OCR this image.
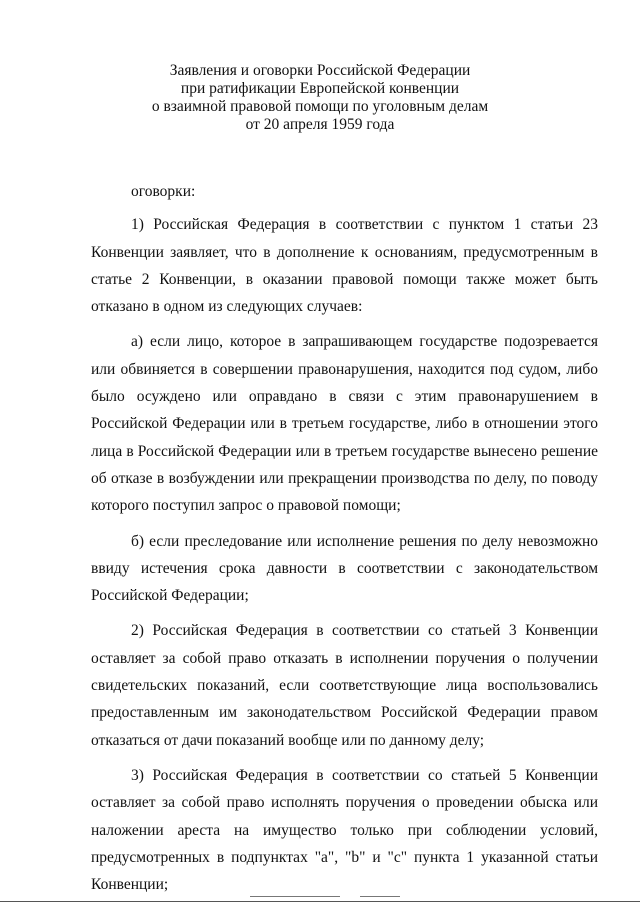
Заявления и оговорки Российской Федерации
при ратификации Европейской конвенции
о взаимной правовой помощи по уголовным делам
от 20 апреля 1959 года

оговорки:

1) Российская Федерация в соответствии с пунктом 1 статьи 23 Конвенции заявляет, что в дополнение к основаниям, предусмотренным в статье 2 Конвенции, в оказании правовой помощи также может быть отказано в одном из следующих случаев:

а) если лицо, которое в запрашивающем государстве подозревается или обвиняется в совершении правонарушения, находится под судом, либо было осуждено или оправдано в связи с этим правонарушением в Российской Федерации или в третьем государстве, либо в отношении этого лица в Российской Федерации или в третьем государстве вынесено решение об отказе в возбуждении или прекращении производства по делу, по поводу которого поступил запрос о правовой помощи;

б) если преследование или исполнение решения по делу невозможно ввиду истечения срока давности в соответствии с законодательством Российской Федерации;

2) Российская Федерация в соответствии со статьей 3 Конвенции оставляет за собой право отказать в исполнении поручения о получении свидетельских показаний, если соответствующие лица воспользовались предоставленным им законодательством Российской Федерации правом отказаться от дачи показаний вообще или по данному делу;

3) Российская Федерация в соответствии со статьей 5 Конвенции оставляет за собой право исполнять поручения о проведении обыска или наложении ареста на имущество только при соблюдении условий, предусмотренных в подпунктах "а", "b" и "c" пункта 1 указанной статьи Конвенции;
